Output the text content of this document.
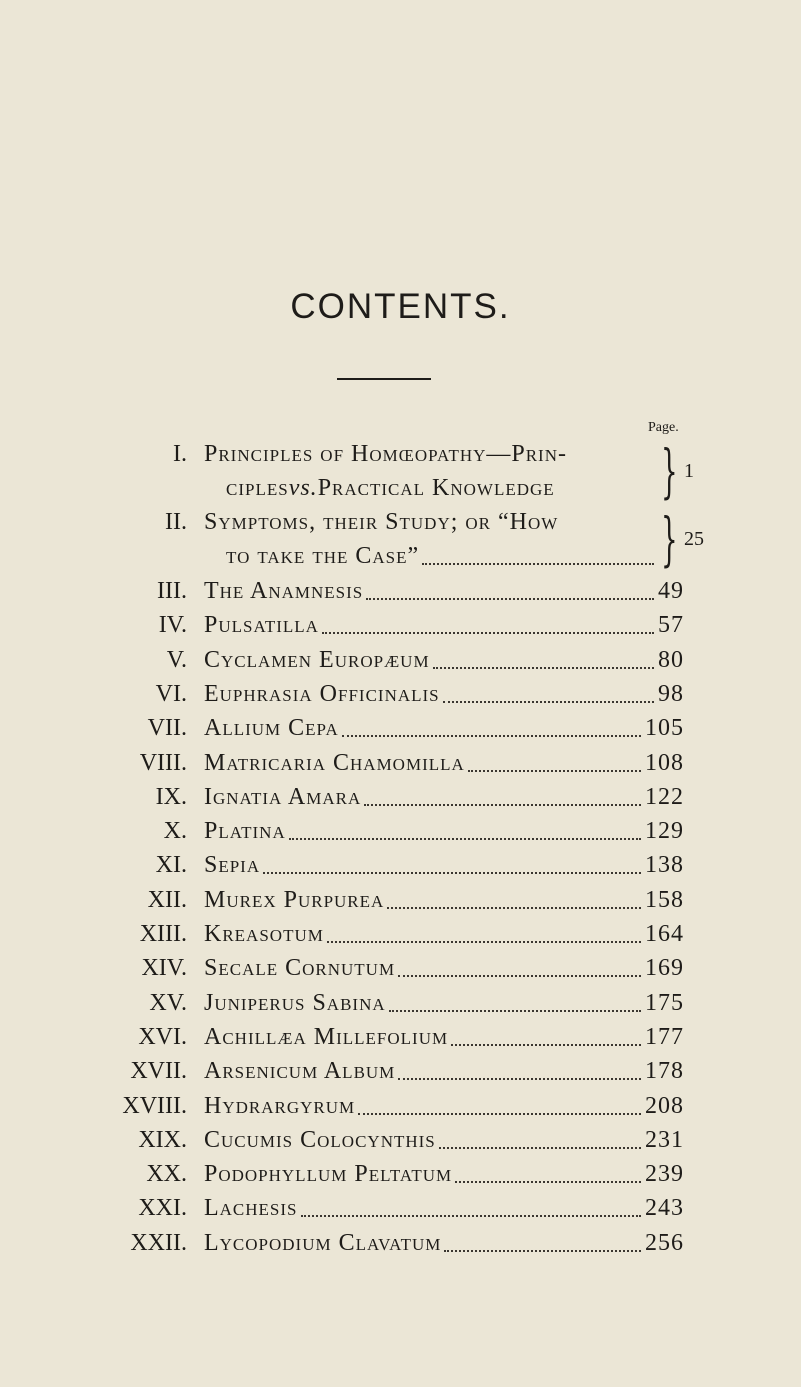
CONTENTS.
Page.
I. Principles of Homœopathy—Prin-
ciples vs. Practical Knowledge } 1
II. Symptoms, their Study; or “How
to take the Case”	} 25
III. The Anamnesis	49
IV. Pulsatilla	57
V. Cyclamen Europæum	80
VI. Euphrasia Officinalis	98
VII. Allium Cepa	105
VIII. Matricaria Chamomilla	108
IX. Ignatia Amara	122
X. Platina	129
XI. Sepia	138
XII. Murex Purpurea	158
XIII. Kreasotum	164
XIV. Secale Cornutum	169
XV. Juniperus Sabina	175
XVI. Achillæa Millefolium	177
XVII. Arsenicum Album	178
XVIII. Hydrargyrum	208
XIX. Cucumis Colocynthis	231
XX. Podophyllum Peltatum	239
XXI. Lachesis	243
XXII. Lycopodium Clavatum	256
